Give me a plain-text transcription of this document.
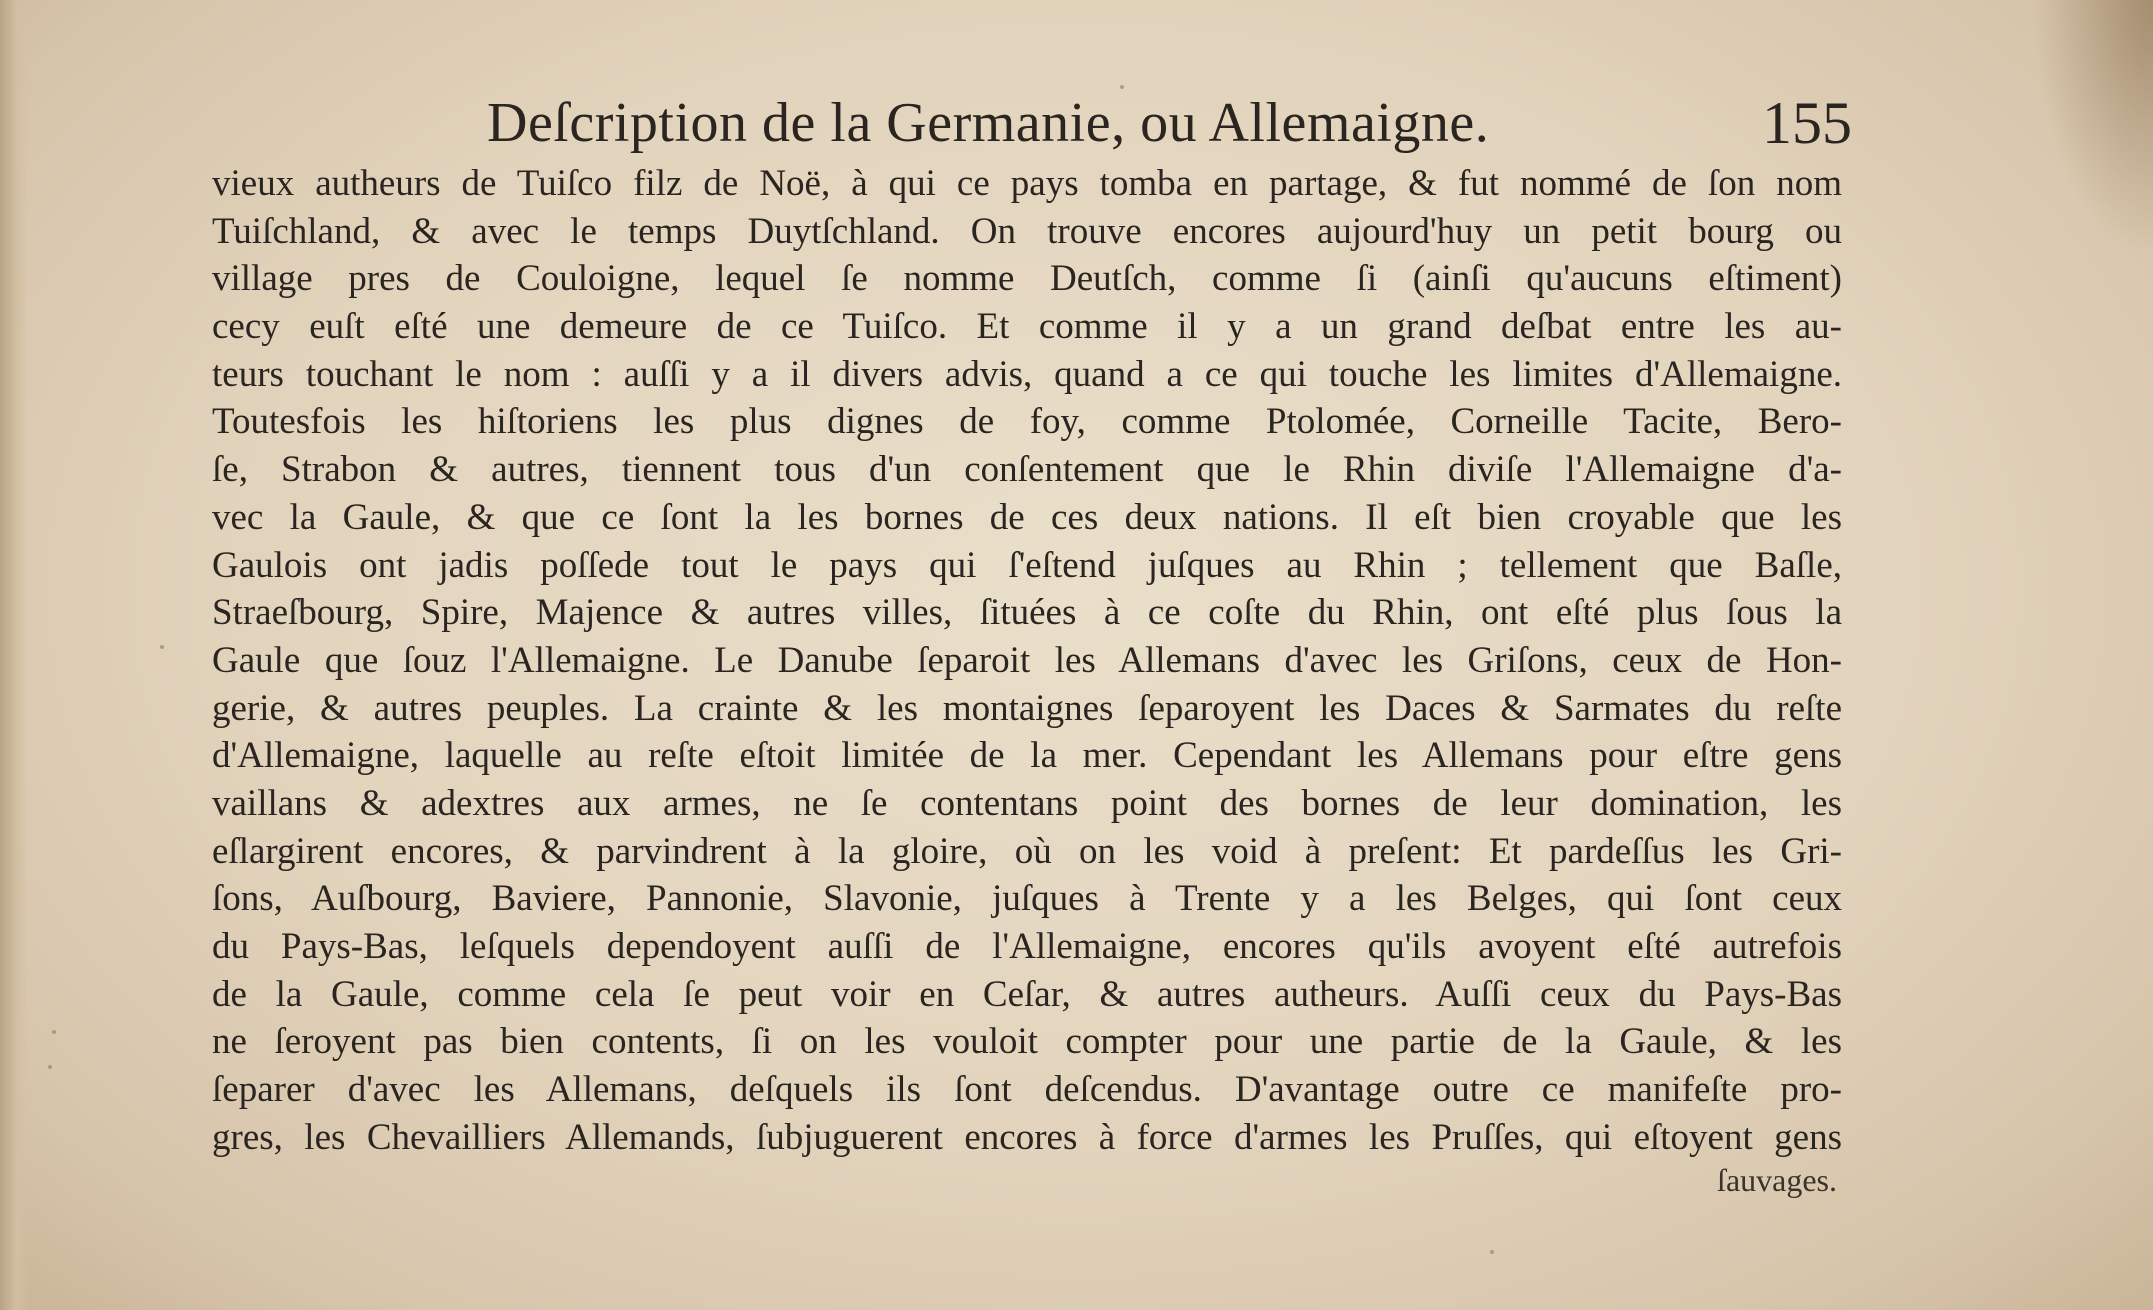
Deſcription de la Germanie, ou Allemaigne.	155
vieux autheurs de Tuiſco filz de Noë, à qui ce pays tomba en partage, & fut nommé de ſon nom
Tuiſchland, & avec le temps Duytſchland. On trouve encores aujourd'huy un petit bourg ou
village pres de Couloigne, lequel ſe nomme Deutſch, comme ſi (ainſi qu'aucuns eſtiment)
cecy euſt eſté une demeure de ce Tuiſco. Et comme il y a un grand deſbat entre les au-
teurs touchant le nom : auſſi y a il divers advis, quand a ce qui touche les limites d'Allemaigne.
Toutesfois les hiſtoriens les plus dignes de foy, comme Ptolomée, Corneille Tacite, Bero-
ſe, Strabon & autres, tiennent tous d'un conſentement que le Rhin diviſe l'Allemaigne d'a-
vec la Gaule, & que ce ſont la les bornes de ces deux nations. Il eſt bien croyable que les
Gaulois ont jadis poſſede tout le pays qui ſ'eſtend juſques au Rhin ; tellement que Baſle,
Straeſbourg, Spire, Majence & autres villes, ſituées à ce coſte du Rhin, ont eſté plus ſous la
Gaule que ſouz l'Allemaigne. Le Danube ſeparoit les Allemans d'avec les Griſons, ceux de Hon-
gerie, & autres peuples. La crainte & les montaignes ſeparoyent les Daces & Sarmates du reſte
d'Allemaigne, laquelle au reſte eſtoit limitée de la mer. Cependant les Allemans pour eſtre gens
vaillans & adextres aux armes, ne ſe contentans point des bornes de leur domination, les
eſlargirent encores, & parvindrent à la gloire, où on les void à preſent: Et pardeſſus les Gri-
ſons, Auſbourg, Baviere, Pannonie, Slavonie, juſques à Trente y a les Belges, qui ſont ceux
du Pays-Bas, leſquels dependoyent auſſi de l'Allemaigne, encores qu'ils avoyent eſté autrefois
de la Gaule, comme cela ſe peut voir en Ceſar, & autres autheurs. Auſſi ceux du Pays-Bas
ne ſeroyent pas bien contents, ſi on les vouloit compter pour une partie de la Gaule, & les
ſeparer d'avec les Allemans, deſquels ils ſont deſcendus. D'avantage outre ce manifeſte pro-
gres, les Chevailliers Allemands, ſubjuguerent encores à force d'armes les Pruſſes, qui eſtoyent gens
ſauvages.
